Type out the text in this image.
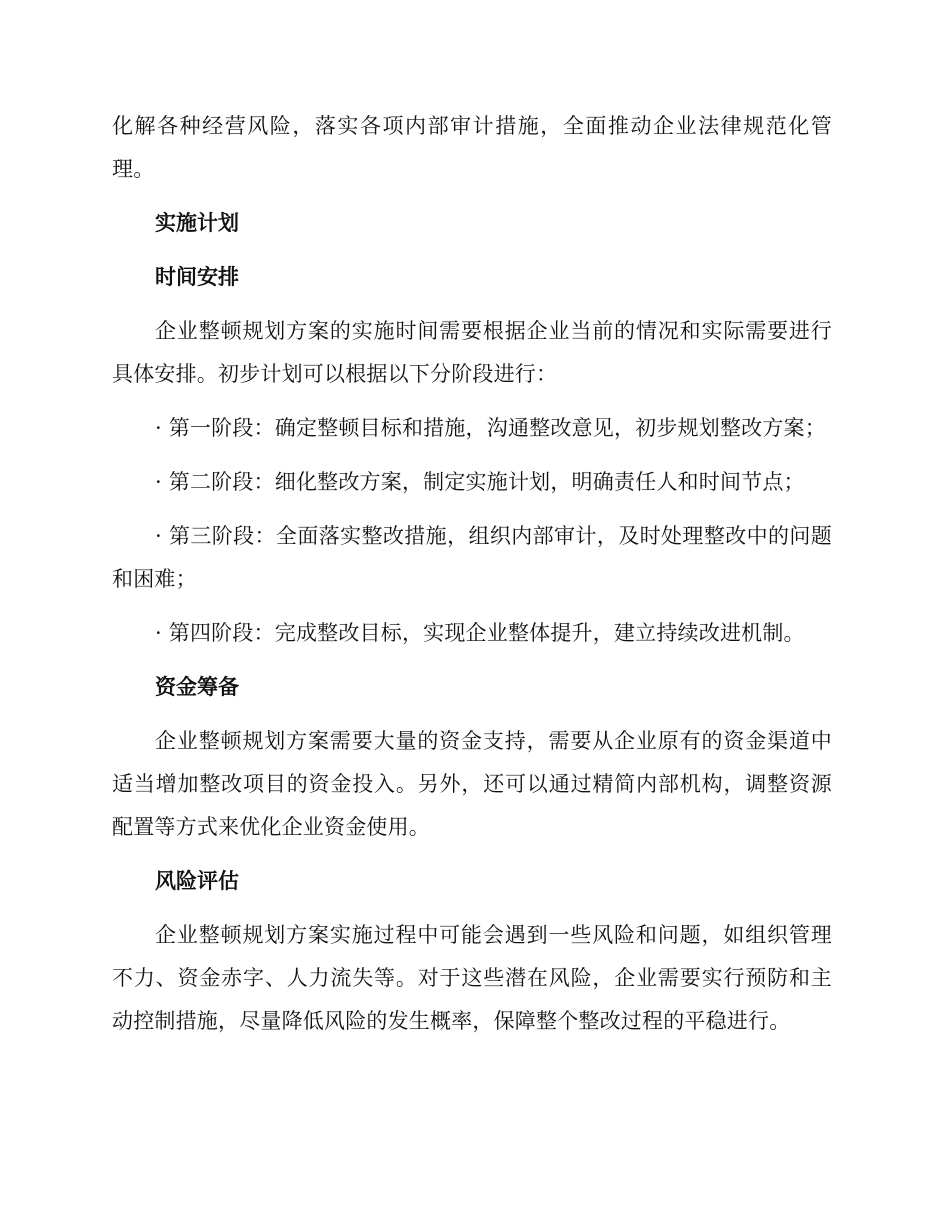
化解各种经营风险，落实各项内部审计措施，全面推动企业法律规范化管理。

实施计划
时间安排

企业整顿规划方案的实施时间需要根据企业当前的情况和实际需要进行具体安排。初步计划可以根据以下分阶段进行：

· 第一阶段：确定整顿目标和措施，沟通整改意见，初步规划整改方案；

· 第二阶段：细化整改方案，制定实施计划，明确责任人和时间节点；

· 第三阶段：全面落实整改措施，组织内部审计，及时处理整改中的问题和困难；

· 第四阶段：完成整改目标，实现企业整体提升，建立持续改进机制。

资金筹备

企业整顿规划方案需要大量的资金支持，需要从企业原有的资金渠道中适当增加整改项目的资金投入。另外，还可以通过精简内部机构，调整资源配置等方式来优化企业资金使用。

风险评估

企业整顿规划方案实施过程中可能会遇到一些风险和问题，如组织管理不力、资金赤字、人力流失等。对于这些潜在风险，企业需要实行预防和主动控制措施，尽量降低风险的发生概率，保障整个整改过程的平稳进行。
